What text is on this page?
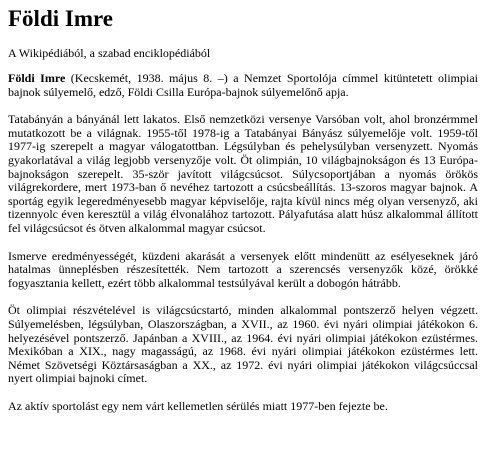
Földi Imre
A Wikipédiából, a szabad enciklopédiából

Földi Imre (Kecskemét, 1938. május 8. –) a Nemzet Sportolója címmel kitüntetett olimpiai bajnok súlyemelő, edző, Földi Csilla Európa-bajnok súlyemelőnő apja.

Tatabányán a bányánál lett lakatos. Első nemzetközi versenye Varsóban volt, ahol bronzérmmel mutatkozott be a világnak. 1955-től 1978-ig a Tatabányai Bányász súlyemelője volt. 1959-től 1977-ig szerepelt a magyar válogatottban. Légsúlyban és pehelysúlyban versenyzett. Nyomás gyakorlatával a világ legjobb versenyzője volt. Öt olimpián, 10 világbajnokságon és 13 Európa-bajnokságon szerepelt. 35-ször javított világcsúcsot. Súlycsoportjában a nyomás örökös világrekordere, mert 1973-ban ő nevéhez tartozott a csúcsbeállítás. 13-szoros magyar bajnok. A sportág egyik legeredményesebb magyar képviselője, rajta kívül nincs még olyan versenyző, aki tizennyolc éven keresztül a világ élvonalához tartozott. Pályafutása alatt húsz alkalommal állított fel világcsúcsot és ötven alkalommal magyar csúcsot.

Ismerve eredményességét, küzdeni akarását a versenyek előtt mindenütt az esélyeseknek járó hatalmas ünneplésben részesítették. Nem tartozott a szerencsés versenyzők közé, örökké fogyasztania kellett, ezért több alkalommal testsúlyával került a dobogón hátrább.

Öt olimpiai részvételével is világcsúcstartó, minden alkalommal pontszerző helyen végzett. Súlyemelésben, légsúlyban, Olaszországban, a XVII., az 1960. évi nyári olimpiai játékokon 6. helyezésével pontszerző. Japánban a XVIII., az 1964. évi nyári olimpiai játékokon ezüstérmes. Mexikóban a XIX., nagy magasságú, az 1968. évi nyári olimpiai játékokon ezüstérmes lett. Német Szövetségi Köztársaságban a XX., az 1972. évi nyári olimpiai játékokon világcsúccsal nyert olimpiai bajnoki címet.

Az aktív sportolást egy nem várt kellemetlen sérülés miatt 1977-ben fejezte be.
